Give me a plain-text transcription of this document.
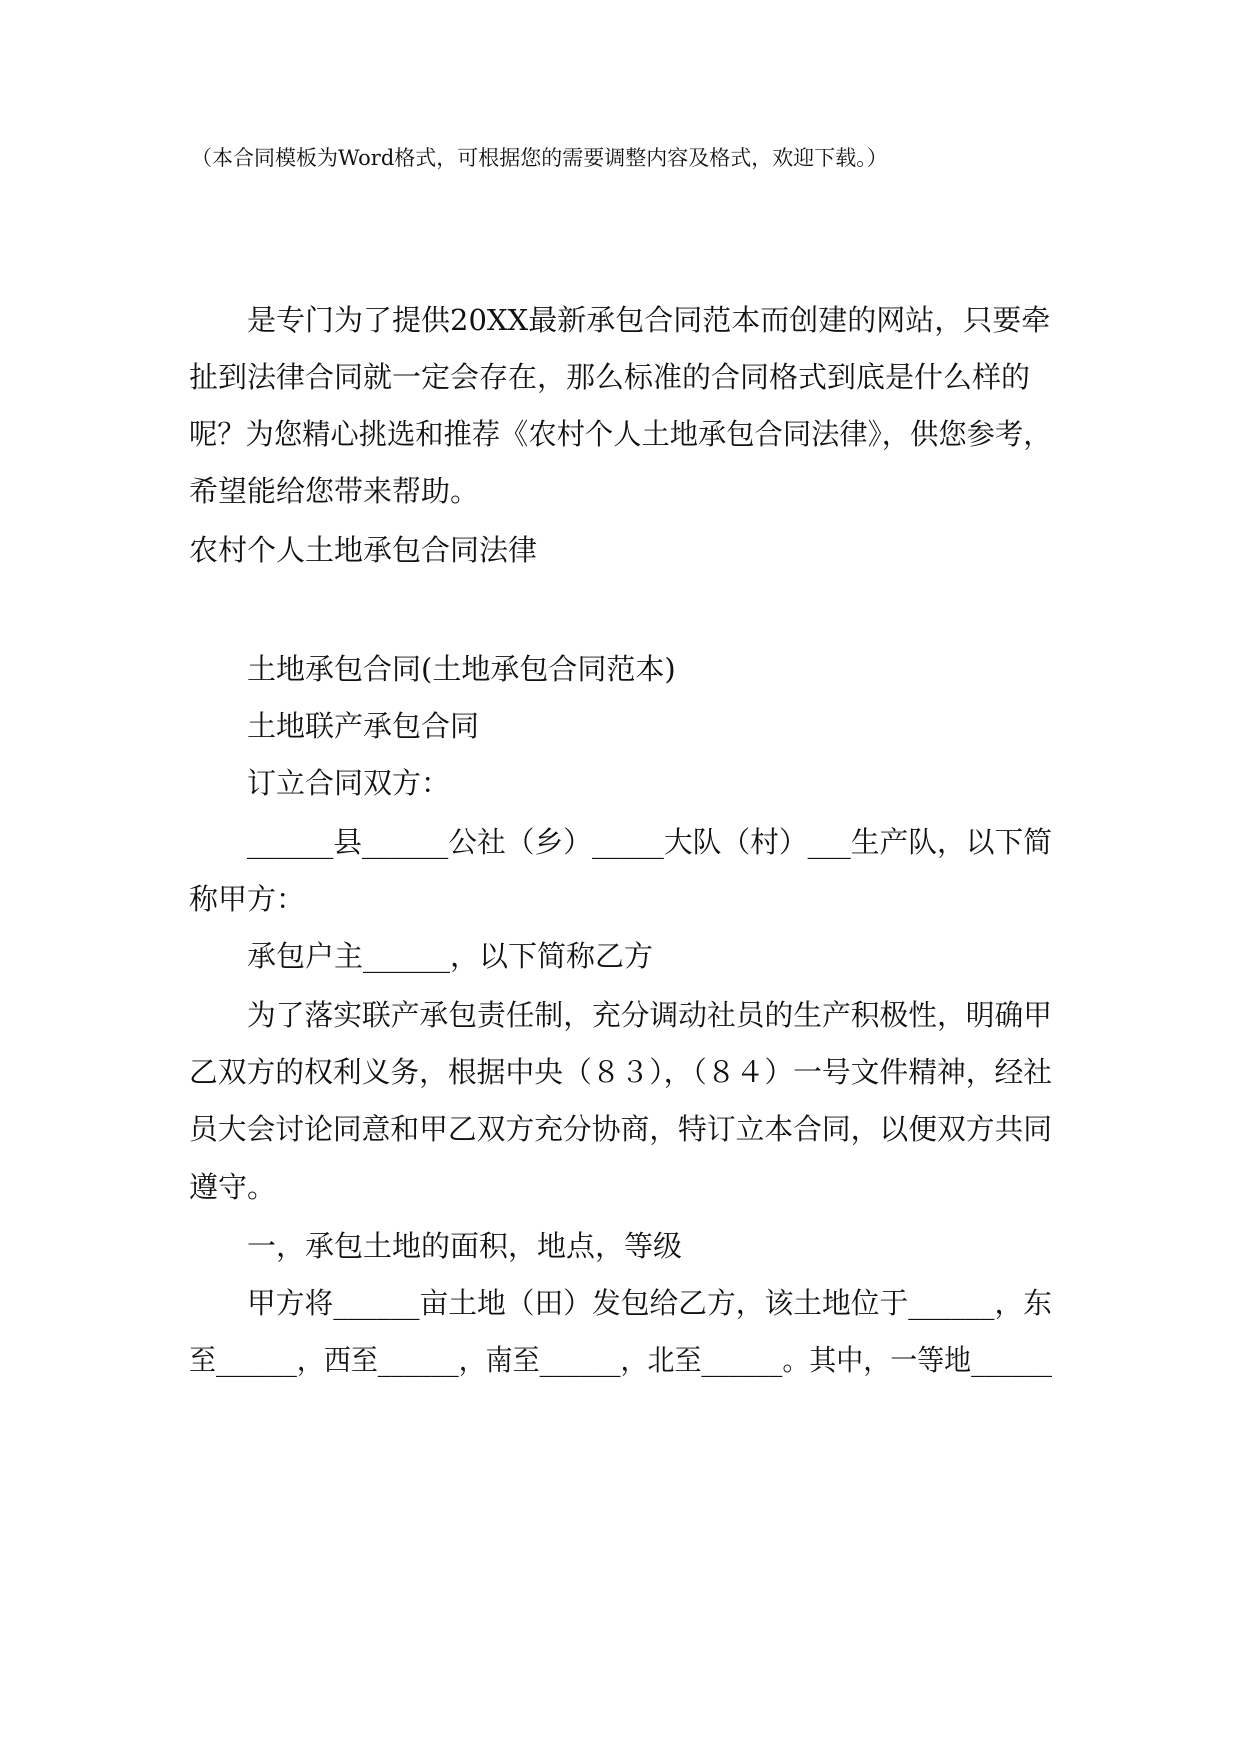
（本合同模板为Word格式，可根据您的需要调整内容及格式，欢迎下载。）
是专门为了提供20XX最新承包合同范本而创建的网站，只要牵
扯到法律合同就一定会存在，那么标准的合同格式到底是什么样的
呢？为您精心挑选和推荐《农村个人土地承包合同法律》，供您参考，
希望能给您带来帮助。
农村个人土地承包合同法律
土地承包合同(土地承包合同范本)
土地联产承包合同
订立合同双方：
______县______公社（乡）_____大队（村）___生产队，以下简
称甲方：
承包户主______，以下简称乙方
为了落实联产承包责任制，充分调动社员的生产积极性，明确甲
乙双方的权利义务，根据中央（８３），（８４）一号文件精神，经社
员大会讨论同意和甲乙双方充分协商，特订立本合同，以便双方共同
遵守。
一，承包土地的面积，地点，等级
甲方将______亩土地（田）发包给乙方，该土地位于______，东
至______，西至______，南至______，北至______。其中，一等地______
